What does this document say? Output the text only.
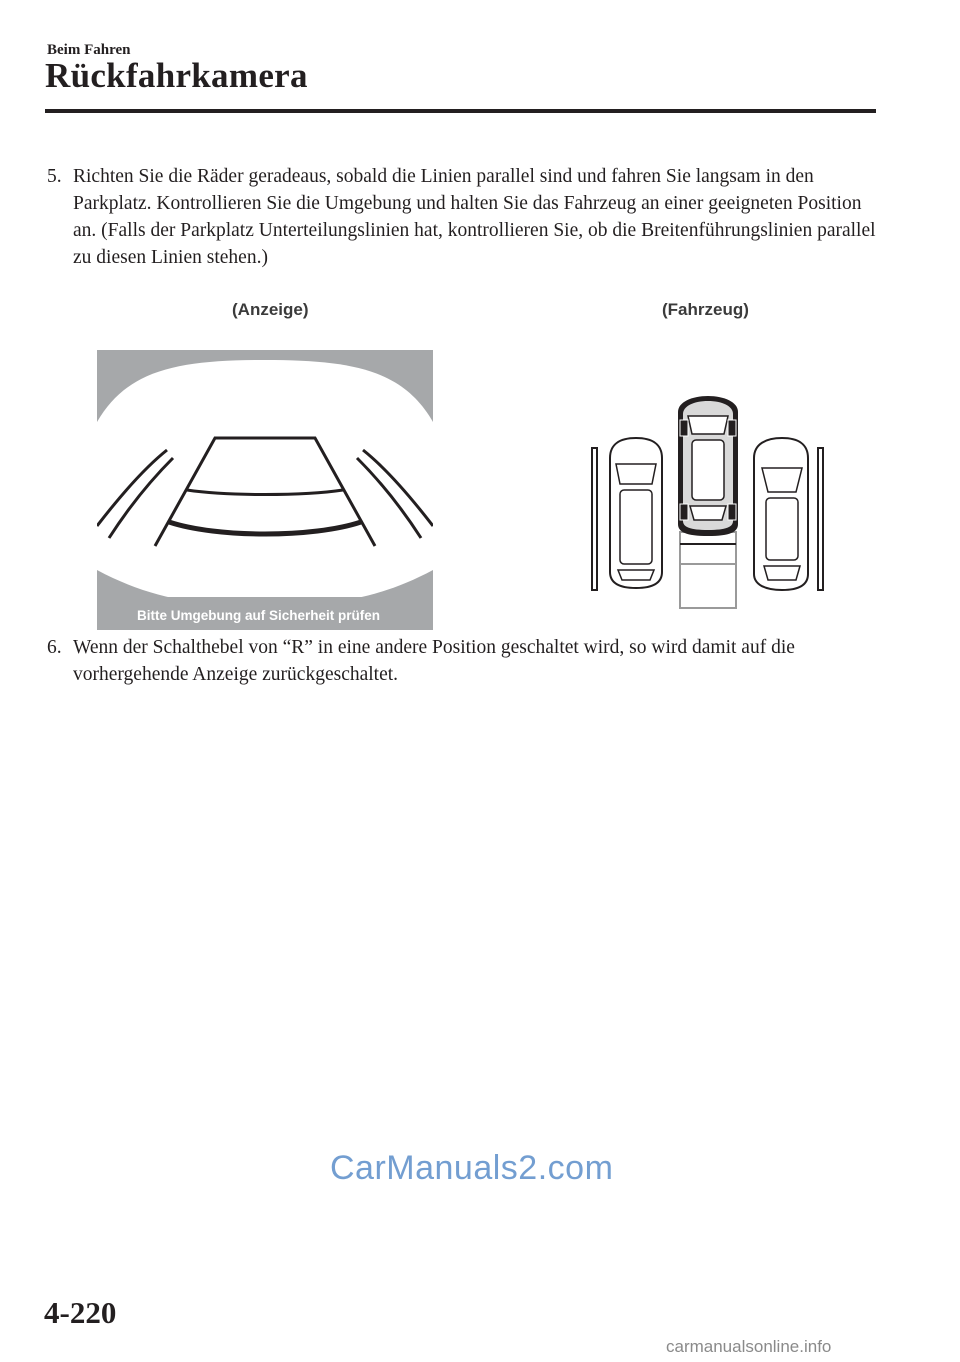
Beim Fahren
Rückfahrkamera
5. Richten Sie die Räder geradeaus, sobald die Linien parallel sind und fahren Sie langsam in den Parkplatz. Kontrollieren Sie die Umgebung und halten Sie das Fahrzeug an einer geeigneten Position an. (Falls der Parkplatz Unterteilungslinien hat, kontrollieren Sie, ob die Breitenführungslinien parallel zu diesen Linien stehen.)
(Anzeige)	(Fahrzeug)
Bitte Umgebung auf Sicherheit prüfen
6. Wenn der Schalthebel von “R” in eine andere Position geschaltet wird, so wird damit auf die vorhergehende Anzeige zurückgeschaltet.
CarManuals2.com
4-220
carmanualsonline.info
